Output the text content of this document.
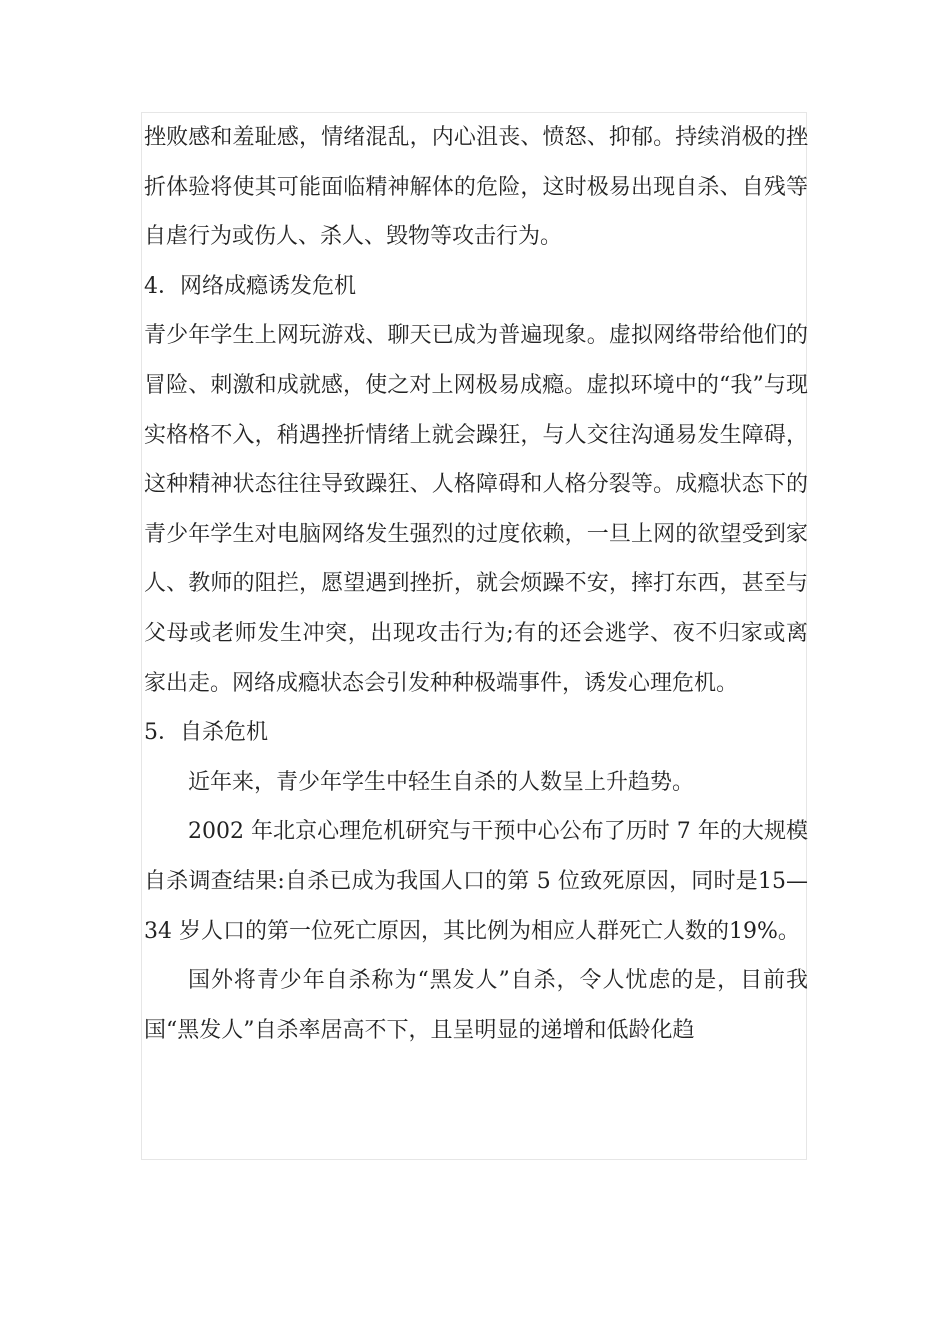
挫败感和羞耻感，情绪混乱，内心沮丧、愤怒、抑郁。持续消极的挫折体验将使其可能面临精神解体的危险，这时极易出现自杀、自残等自虐行为或伤人、杀人、毁物等攻击行为。

4．网络成瘾诱发危机

青少年学生上网玩游戏、聊天已成为普遍现象。虚拟网络带给他们的冒险、刺激和成就感，使之对上网极易成瘾。虚拟环境中的“我”与现实格格不入，稍遇挫折情绪上就会躁狂，与人交往沟通易发生障碍，这种精神状态往往导致躁狂、人格障碍和人格分裂等。成瘾状态下的青少年学生对电脑网络发生强烈的过度依赖，一旦上网的欲望受到家人、教师的阻拦，愿望遇到挫折，就会烦躁不安，摔打东西，甚至与父母或老师发生冲突，出现攻击行为;有的还会逃学、夜不归家或离家出走。网络成瘾状态会引发种种极端事件，诱发心理危机。

5．自杀危机

近年来，青少年学生中轻生自杀的人数呈上升趋势。

2002 年北京心理危机研究与干预中心公布了历时 7 年的大规模自杀调查结果:自杀已成为我国人口的第 5 位致死原因，同时是15—34 岁人口的第一位死亡原因，其比例为相应人群死亡人数的19%。

国外将青少年自杀称为“黑发人”自杀，令人忧虑的是，目前我国“黑发人”自杀率居高不下，且呈明显的递增和低龄化趋
